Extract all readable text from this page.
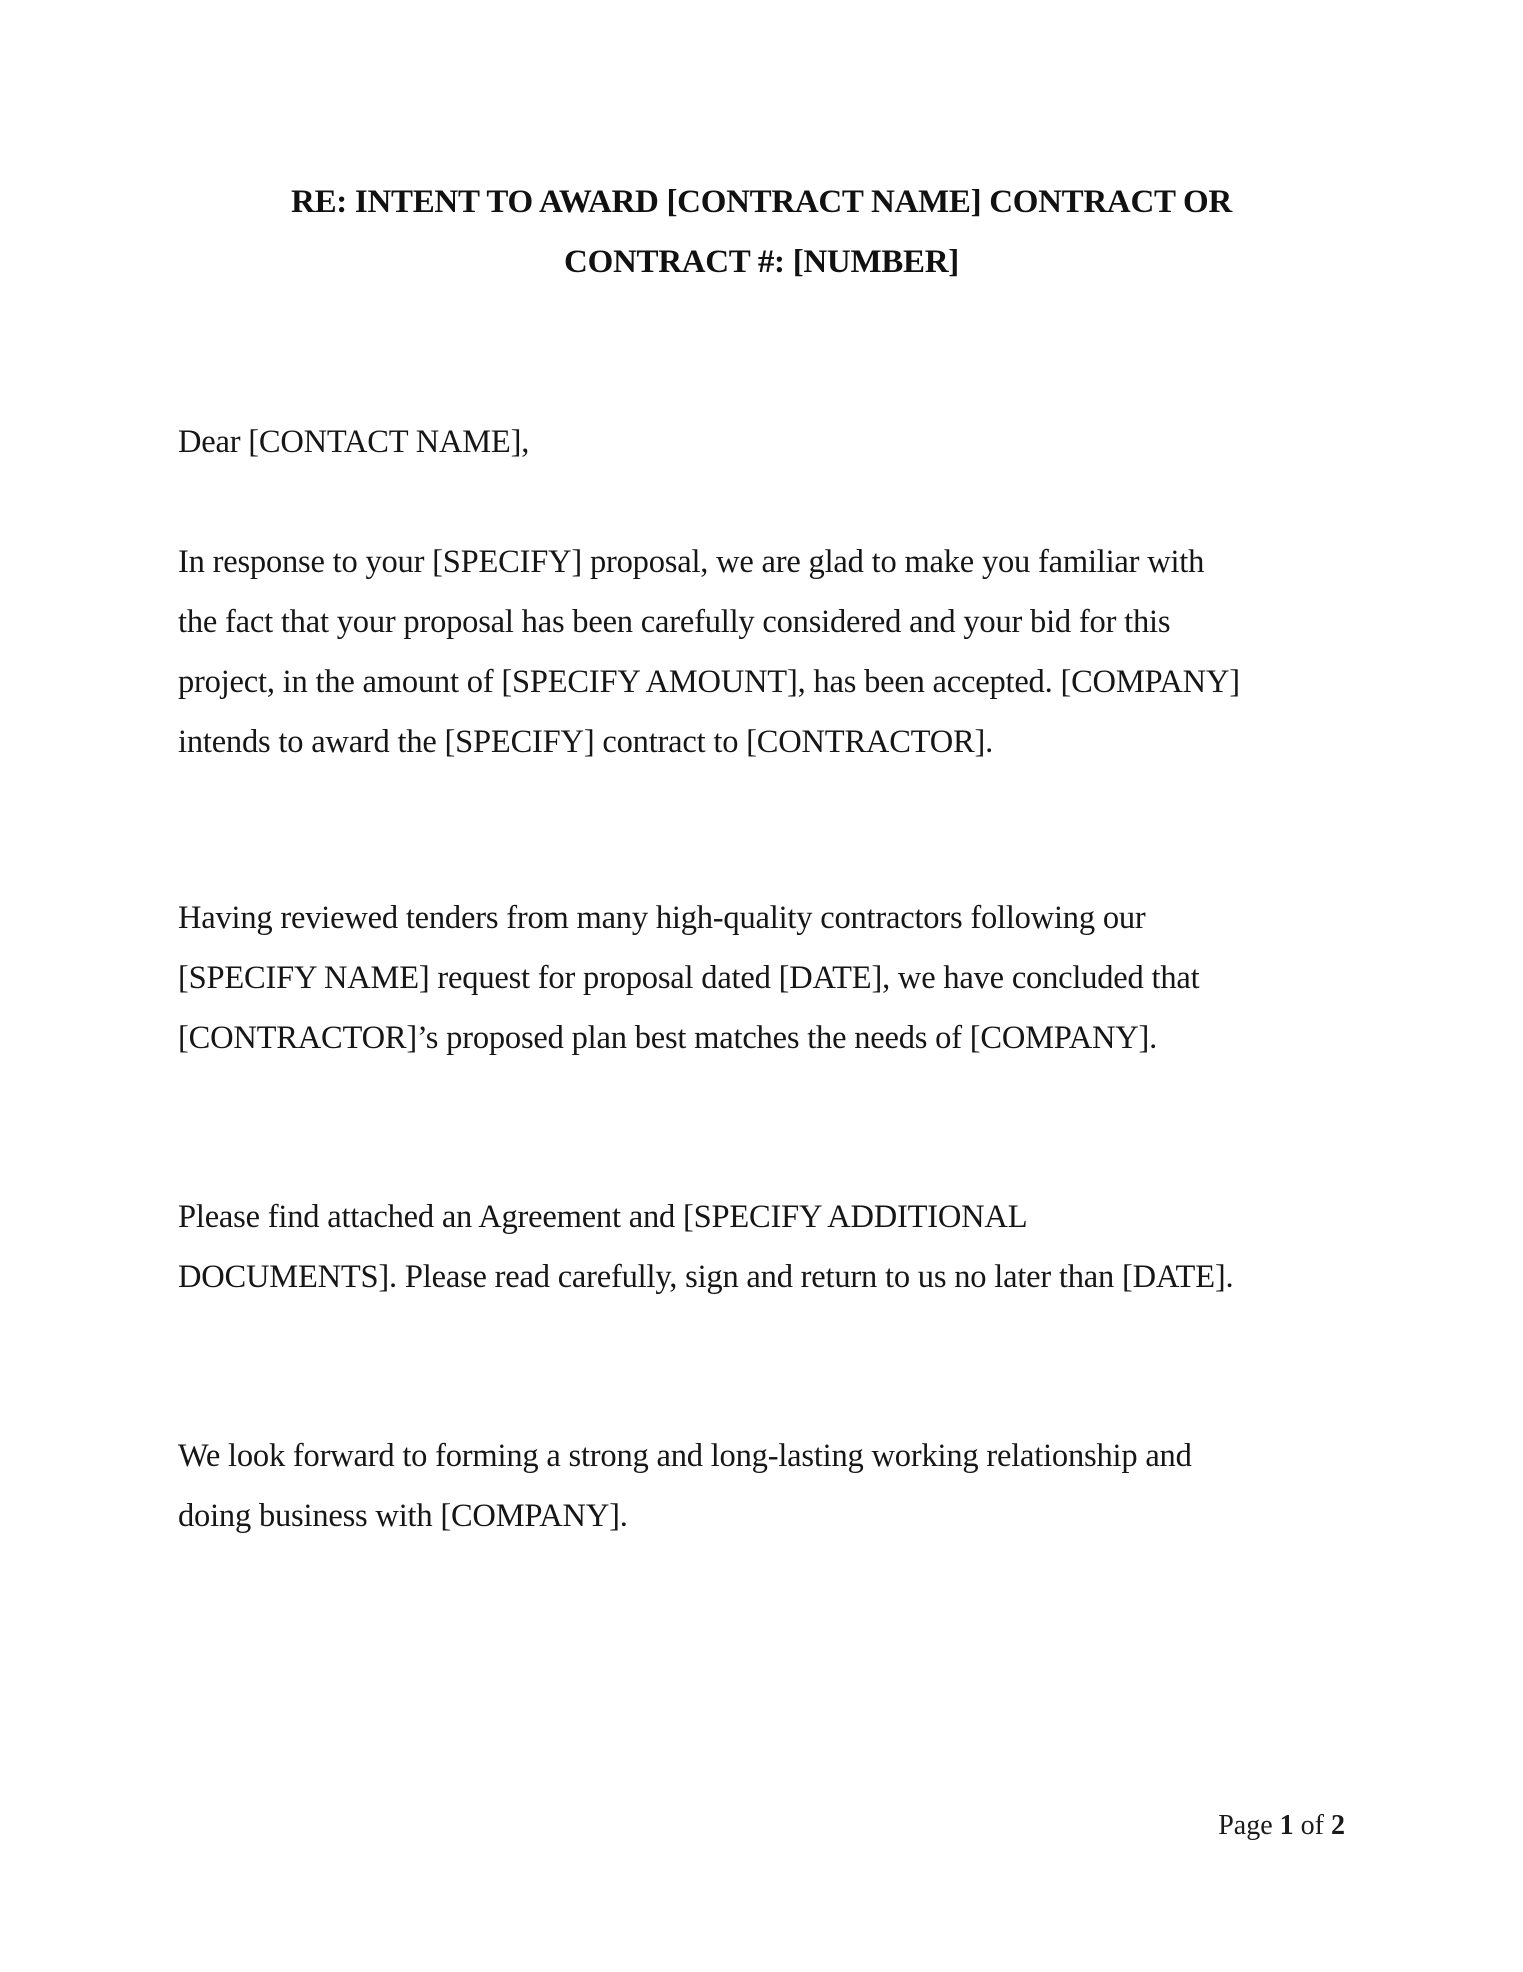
RE: INTENT TO AWARD [CONTRACT NAME] CONTRACT OR
CONTRACT #: [NUMBER]
Dear [CONTACT NAME],
In response to your [SPECIFY] proposal, we are glad to make you familiar with
the fact that your proposal has been carefully considered and your bid for this
project, in the amount of [SPECIFY AMOUNT], has been accepted. [COMPANY]
intends to award the [SPECIFY] contract to [CONTRACTOR].
Having reviewed tenders from many high-quality contractors following our
[SPECIFY NAME] request for proposal dated [DATE], we have concluded that
[CONTRACTOR]’s proposed plan best matches the needs of [COMPANY].
Please find attached an Agreement and [SPECIFY ADDITIONAL
DOCUMENTS]. Please read carefully, sign and return to us no later than [DATE].
We look forward to forming a strong and long-lasting working relationship and
doing business with [COMPANY].
Page 1 of 2
